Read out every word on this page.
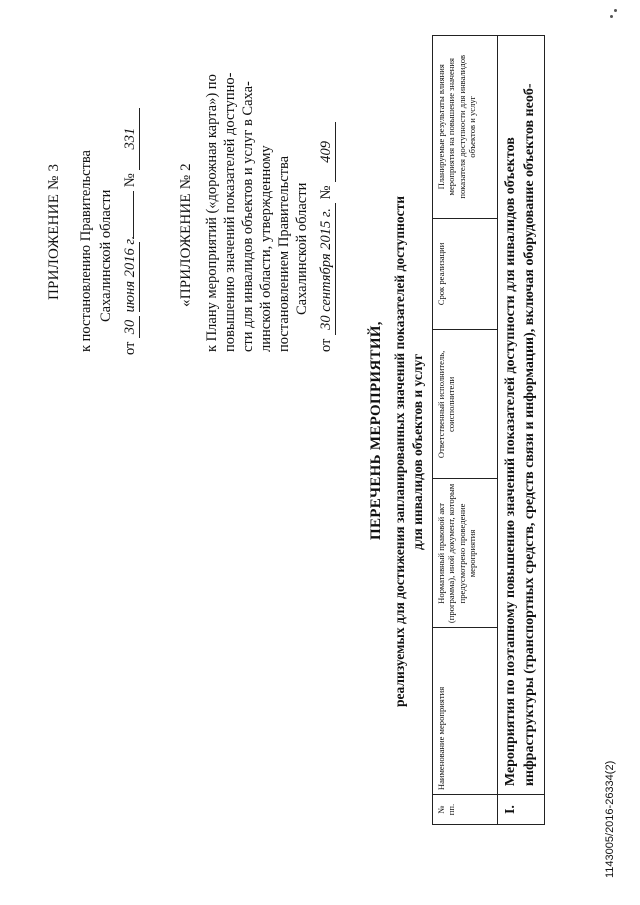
ПРИЛОЖЕНИЕ № 3 к постановлению Правительства Сахалинской области
от 30 июня 2016 г.  № 331
«ПРИЛОЖЕНИЕ № 2 к Плану мероприятий («дорожная карта») по повышению значений показателей доступно- сти для инвалидов объектов и услуг в Саха- линской области, утвержденному постановлением Правительства Сахалинской области
от 30 сентября 2015 г. № 409
ПЕРЕЧЕНЬ МЕРОПРИЯТИЙ, реализуемых для достижения запланированных значений показателей доступности для инвалидов объектов и услуг
№ пп.	Наименование мероприятия	Нормативный правовой акт (программа), иной документ, которым предусмотрено проведение мероприятия	Ответственный исполнитель, соисполнители	Срок реализации	Планируемые результаты влияния мероприятия на повышение значения показателя доступности для инвалидов объектов и услуг
I.	Мероприятия по поэтапному повышению значений показателей доступности для инвалидов объектов инфраструктуры (транспортных средств, средств связи и информации), включая оборудование объектов необ-				
1143005/2016-26334(2)
